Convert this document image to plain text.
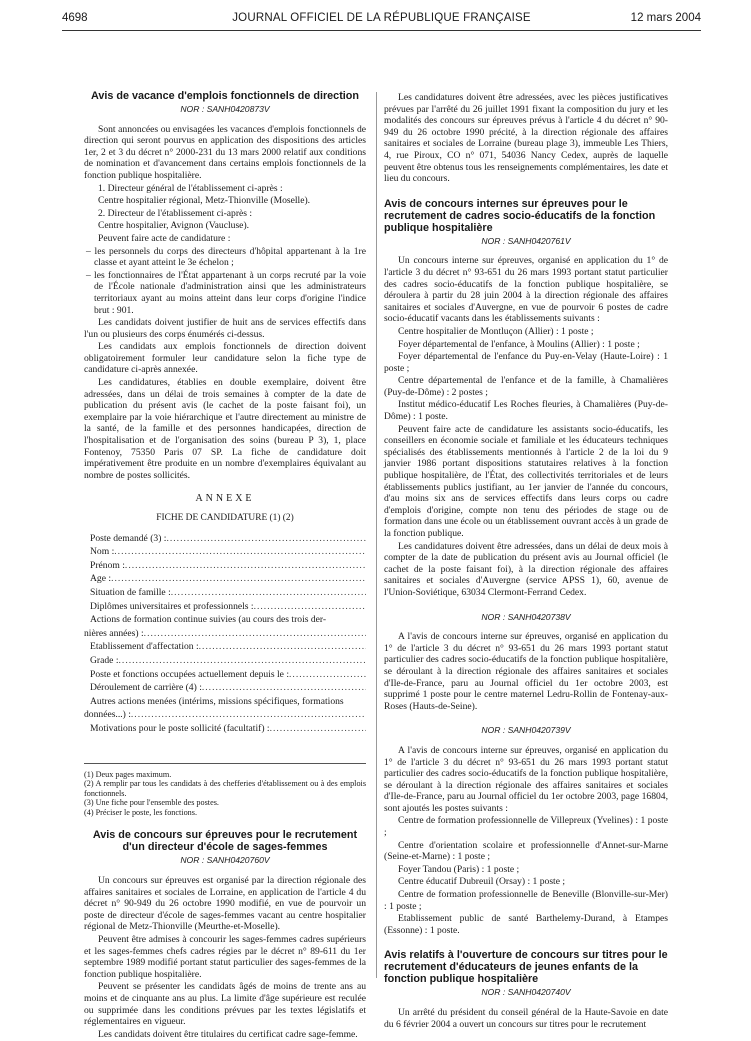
4698	JOURNAL OFFICIEL DE LA RÉPUBLIQUE FRANÇAISE	12 mars 2004
Avis de vacance d'emplois fonctionnels de direction
NOR : SANH0420873V

Sont annoncées ou envisagées les vacances d'emplois fonctionnels de direction qui seront pourvus en application des dispositions des articles 1er, 2 et 3 du décret n° 2000-231 du 13 mars 2000 relatif aux conditions de nomination et d'avancement dans certains emplois fonctionnels de la fonction publique hospitalière.

1. Directeur général de l'établissement ci-après :

Centre hospitalier régional, Metz-Thionville (Moselle).

2. Directeur de l'établissement ci-après :

Centre hospitalier, Avignon (Vaucluse).

Peuvent faire acte de candidature :

– les personnels du corps des directeurs d'hôpital appartenant à la 1re classe et ayant atteint le 3e échelon ;

– les fonctionnaires de l'État appartenant à un corps recruté par la voie de l'École nationale d'administration ainsi que les administrateurs territoriaux ayant au moins atteint dans leur corps d'origine l'indice brut : 901.

Les candidats doivent justifier de huit ans de services effectifs dans l'un ou plusieurs des corps énumérés ci-dessus.

Les candidats aux emplois fonctionnels de direction doivent obligatoirement formuler leur candidature selon la fiche type de candidature ci-après annexée.

Les candidatures, établies en double exemplaire, doivent être adressées, dans un délai de trois semaines à compter de la date de publication du présent avis (le cachet de la poste faisant foi), un exemplaire par la voie hiérarchique et l'autre directement au ministre de la santé, de la famille et des personnes handicapées, direction de l'hospitalisation et de l'organisation des soins (bureau P 3), 1, place Fontenoy, 75350 Paris 07 SP. La fiche de candidature doit impérativement être produite en un nombre d'exemplaires équivalant au nombre de postes sollicités.

ANNEXE
FICHE DE CANDIDATURE (1) (2)
Poste demandé (3) :
.....
Nom :
.....
Prénom :
.....
Age :
.....
Situation de famille :
.....
Diplômes universitaires et professionnels :
.....
Actions de formation continue suivies (au cours des trois der-
nières années) :
.....
Etablissement d'affectation :
.....
Grade :
.....
Poste et fonctions occupées actuellement depuis le :
.....
Déroulement de carrière (4) :
.....
Autres actions menées (intérims, missions spécifiques, formations
données...) :
.....
Motivations pour le poste sollicité (facultatif) :
.....

(1) Deux pages maximum.

(2) A remplir par tous les candidats à des chefferies d'établissement ou à des emplois fonctionnels.

(3) Une fiche pour l'ensemble des postes.

(4) Préciser le poste, les fonctions.

Avis de concours sur épreuves pour le recrutement d'un directeur d'école de sages-femmes
NOR : SANH0420760V

Un concours sur épreuves est organisé par la direction régionale des affaires sanitaires et sociales de Lorraine, en application de l'article 4 du décret n° 90-949 du 26 octobre 1990 modifié, en vue de pourvoir un poste de directeur d'école de sages-femmes vacant au centre hospitalier régional de Metz-Thionville (Meurthe-et-Moselle).

Peuvent être admises à concourir les sages-femmes cadres supérieurs et les sages-femmes chefs cadres régies par le décret n° 89-611 du 1er septembre 1989 modifié portant statut particulier des sages-femmes de la fonction publique hospitalière.

Peuvent se présenter les candidats âgés de moins de trente ans au moins et de cinquante ans au plus. La limite d'âge supérieure est reculée ou supprimée dans les conditions prévues par les textes législatifs et réglementaires en vigueur.

Les candidats doivent être titulaires du certificat cadre sage-femme.

Les candidatures doivent être adressées, avec les pièces justificatives prévues par l'arrêté du 26 juillet 1991 fixant la composition du jury et les modalités des concours sur épreuves prévus à l'article 4 du décret n° 90-949 du 26 octobre 1990 précité, à la direction régionale des affaires sanitaires et sociales de Lorraine (bureau plage 3), immeuble Les Thiers, 4, rue Piroux, CO n° 071, 54036 Nancy Cedex, auprès de laquelle peuvent être obtenus tous les renseignements complémentaires, les date et lieu du concours.

Avis de concours internes sur épreuves pour le recrutement de cadres socio-éducatifs de la fonction publique hospitalière
NOR : SANH0420761V

Un concours interne sur épreuves, organisé en application du 1° de l'article 3 du décret n° 93-651 du 26 mars 1993 portant statut particulier des cadres socio-éducatifs de la fonction publique hospitalière, se déroulera à partir du 28 juin 2004 à la direction régionale des affaires sanitaires et sociales d'Auvergne, en vue de pourvoir 6 postes de cadre socio-éducatif vacants dans les établissements suivants :

Centre hospitalier de Montluçon (Allier) : 1 poste ;

Foyer départemental de l'enfance, à Moulins (Allier) : 1 poste ;

Foyer départemental de l'enfance du Puy-en-Velay (Haute-Loire) : 1 poste ;

Centre départemental de l'enfance et de la famille, à Chamalières (Puy-de-Dôme) : 2 postes ;

Institut médico-éducatif Les Roches fleuries, à Chamalières (Puy-de-Dôme) : 1 poste.

Peuvent faire acte de candidature les assistants socio-éducatifs, les conseillers en économie sociale et familiale et les éducateurs techniques spécialisés des établissements mentionnés à l'article 2 de la loi du 9 janvier 1986 portant dispositions statutaires relatives à la fonction publique hospitalière, de l'État, des collectivités territoriales et de leurs établissements publics justifiant, au 1er janvier de l'année du concours, d'au moins six ans de services effectifs dans leurs corps ou cadre d'emplois d'origine, compte non tenu des périodes de stage ou de formation dans une école ou un établissement ouvrant accès à un grade de la fonction publique.

Les candidatures doivent être adressées, dans un délai de deux mois à compter de la date de publication du présent avis au Journal officiel (le cachet de la poste faisant foi), à la direction régionale des affaires sanitaires et sociales d'Auvergne (service APSS 1), 60, avenue de l'Union-Soviétique, 63034 Clermont-Ferrand Cedex.

NOR : SANH0420738V

A l'avis de concours interne sur épreuves, organisé en application du 1° de l'article 3 du décret n° 93-651 du 26 mars 1993 portant statut particulier des cadres socio-éducatifs de la fonction publique hospitalière, se déroulant à la direction régionale des affaires sanitaires et sociales d'Ile-de-France, paru au Journal officiel du 1er octobre 2003, est supprimé 1 poste pour le centre maternel Ledru-Rollin de Fontenay-aux-Roses (Hauts-de-Seine).

NOR : SANH0420739V

A l'avis de concours interne sur épreuves, organisé en application du 1° de l'article 3 du décret n° 93-651 du 26 mars 1993 portant statut particulier des cadres socio-éducatifs de la fonction publique hospitalière, se déroulant à la direction régionale des affaires sanitaires et sociales d'Ile-de-France, paru au Journal officiel du 1er octobre 2003, page 16804, sont ajoutés les postes suivants :

Centre de formation professionnelle de Villepreux (Yvelines) : 1 poste ;

Centre d'orientation scolaire et professionnelle d'Annet-sur-Marne (Seine-et-Marne) : 1 poste ;

Foyer Tandou (Paris) : 1 poste ;

Centre éducatif Dubreuil (Orsay) : 1 poste ;

Centre de formation professionnelle de Beneville (Blonville-sur-Mer) : 1 poste ;

Etablissement public de santé Barthelemy-Durand, à Etampes (Essonne) : 1 poste.

Avis relatifs à l'ouverture de concours sur titres pour le recrutement d'éducateurs de jeunes enfants de la fonction publique hospitalière
NOR : SANH0420740V

Un arrêté du président du conseil général de la Haute-Savoie en date du 6 février 2004 a ouvert un concours sur titres pour le recrutement
